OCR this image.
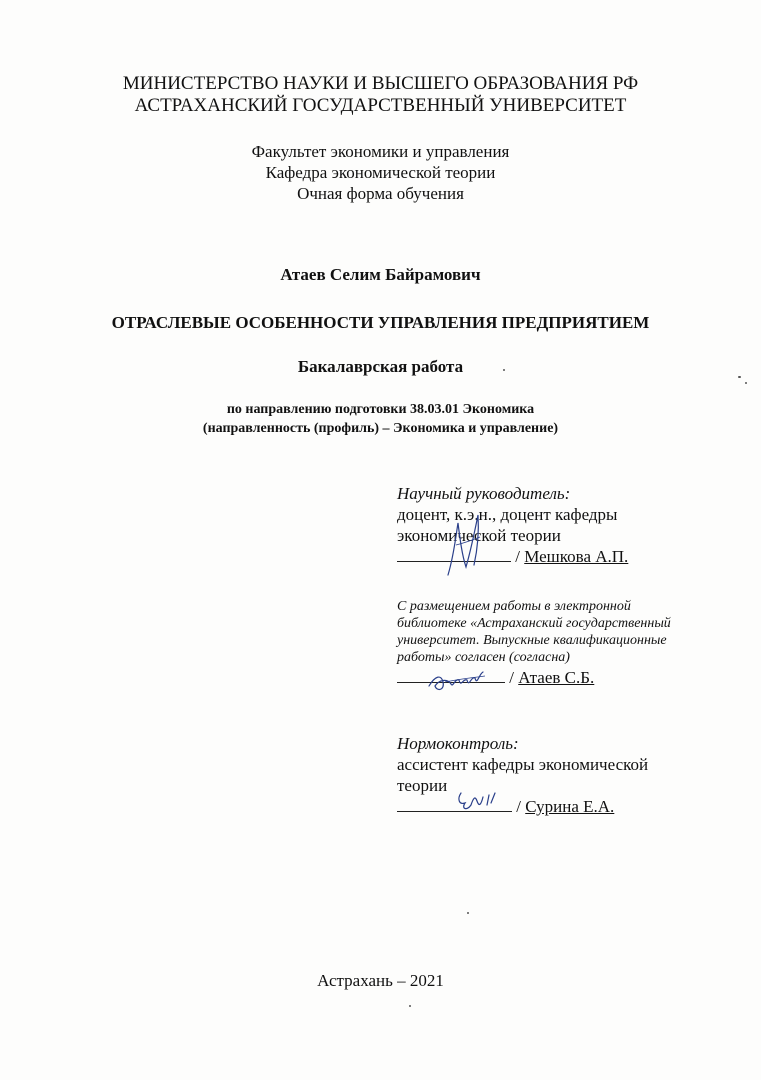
МИНИСТЕРСТВО НАУКИ И ВЫСШЕГО ОБРАЗОВАНИЯ РФ
АСТРАХАНСКИЙ ГОСУДАРСТВЕННЫЙ УНИВЕРСИТЕТ
Факультет экономики и управления
Кафедра экономической теории
Очная форма обучения
Атаев Селим Байрамович
ОТРАСЛЕВЫЕ ОСОБЕННОСТИ УПРАВЛЕНИЯ ПРЕДПРИЯТИЕМ
Бакалаврская работа
по направлению подготовки 38.03.01 Экономика
(направленность (профиль) – Экономика и управление)
Научный руководитель:
доцент, к.э.н., доцент кафедры
экономической теории
/ Мешкова А.П.
С размещением работы в электронной
библиотеке «Астраханский государственный
университет. Выпускные квалификационные
работы» согласен (согласна)
/ Атаев С.Б.
Нормоконтроль:
ассистент кафедры экономической
теории
/ Сурина Е.А.
Астрахань – 2021
